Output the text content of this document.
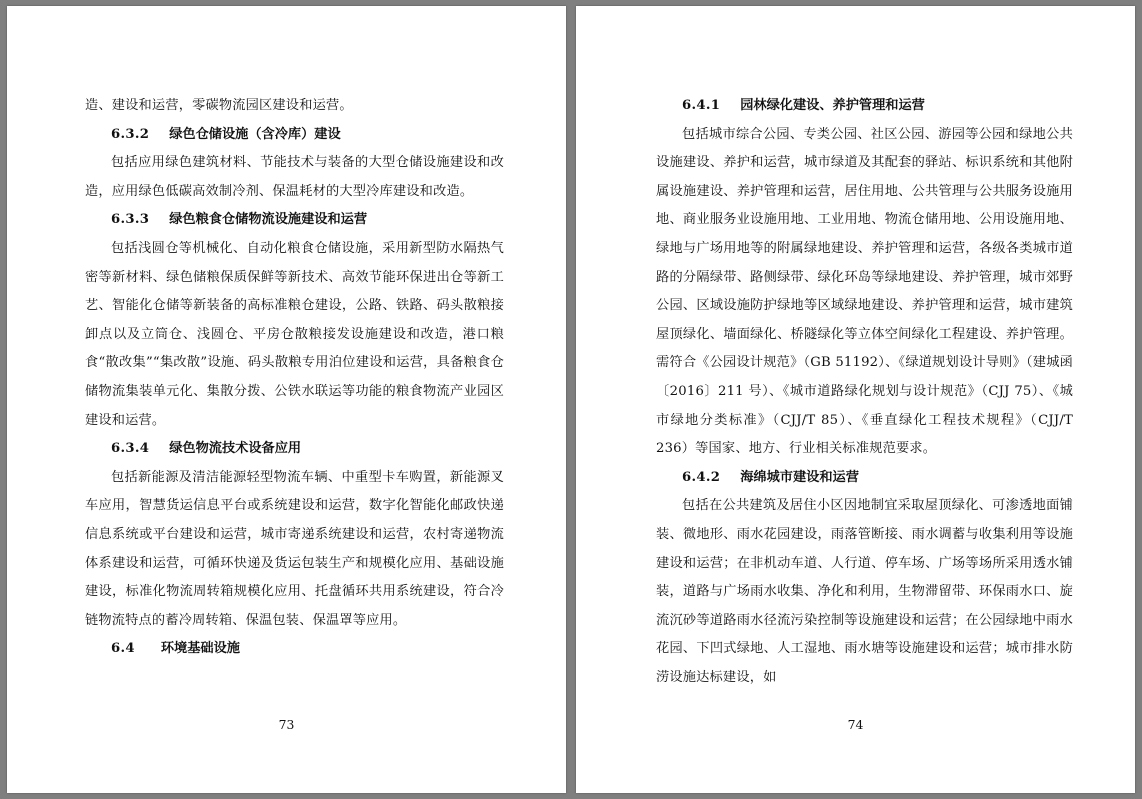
造、建设和运营，零碳物流园区建设和运营。

6.3.2 绿色仓储设施（含冷库）建设

包括应用绿色建筑材料、节能技术与装备的大型仓储设施建设和改造，应用绿色低碳高效制冷剂、保温耗材的大型冷库建设和改造。

6.3.3 绿色粮食仓储物流设施建设和运营

包括浅圆仓等机械化、自动化粮食仓储设施，采用新型防水隔热气密等新材料、绿色储粮保质保鲜等新技术、高效节能环保进出仓等新工艺、智能化仓储等新装备的高标准粮仓建设，公路、铁路、码头散粮接卸点以及立筒仓、浅圆仓、平房仓散粮接发设施建设和改造，港口粮食“散改集”“集改散”设施、码头散粮专用泊位建设和运营，具备粮食仓储物流集装单元化、集散分拨、公铁水联运等功能的粮食物流产业园区建设和运营。

6.3.4 绿色物流技术设备应用

包括新能源及清洁能源轻型物流车辆、中重型卡车购置，新能源叉车应用，智慧货运信息平台或系统建设和运营，数字化智能化邮政快递信息系统或平台建设和运营，城市寄递系统建设和运营，农村寄递物流体系建设和运营，可循环快递及货运包装生产和规模化应用、基础设施建设，标准化物流周转箱规模化应用、托盘循环共用系统建设，符合冷链物流特点的蓄冷周转箱、保温包装、保温罩等应用。

6.4 环境基础设施

73

6.4.1 园林绿化建设、养护管理和运营

包括城市综合公园、专类公园、社区公园、游园等公园和绿地公共设施建设、养护和运营，城市绿道及其配套的驿站、标识系统和其他附属设施建设、养护管理和运营，居住用地、公共管理与公共服务设施用地、商业服务业设施用地、工业用地、物流仓储用地、公用设施用地、绿地与广场用地等的附属绿地建设、养护管理和运营，各级各类城市道路的分隔绿带、路侧绿带、绿化环岛等绿地建设、养护管理，城市郊野公园、区域设施防护绿地等区域绿地建设、养护管理和运营，城市建筑屋顶绿化、墙面绿化、桥隧绿化等立体空间绿化工程建设、养护管理。需符合《公园设计规范》（GB 51192）、《绿道规划设计导则》（建城函〔2016〕211 号）、《城市道路绿化规划与设计规范》（CJJ 75）、《城市绿地分类标准》（CJJ/T 85）、《垂直绿化工程技术规程》（CJJ/T 236）等国家、地方、行业相关标准规范要求。

6.4.2 海绵城市建设和运营

包括在公共建筑及居住小区因地制宜采取屋顶绿化、可渗透地面铺装、微地形、雨水花园建设，雨落管断接、雨水调蓄与收集利用等设施建设和运营；在非机动车道、人行道、停车场、广场等场所采用透水铺装，道路与广场雨水收集、净化和利用，生物滞留带、环保雨水口、旋流沉砂等道路雨水径流污染控制等设施建设和运营；在公园绿地中雨水花园、下凹式绿地、人工湿地、雨水塘等设施建设和运营；城市排水防涝设施达标建设，如

74
